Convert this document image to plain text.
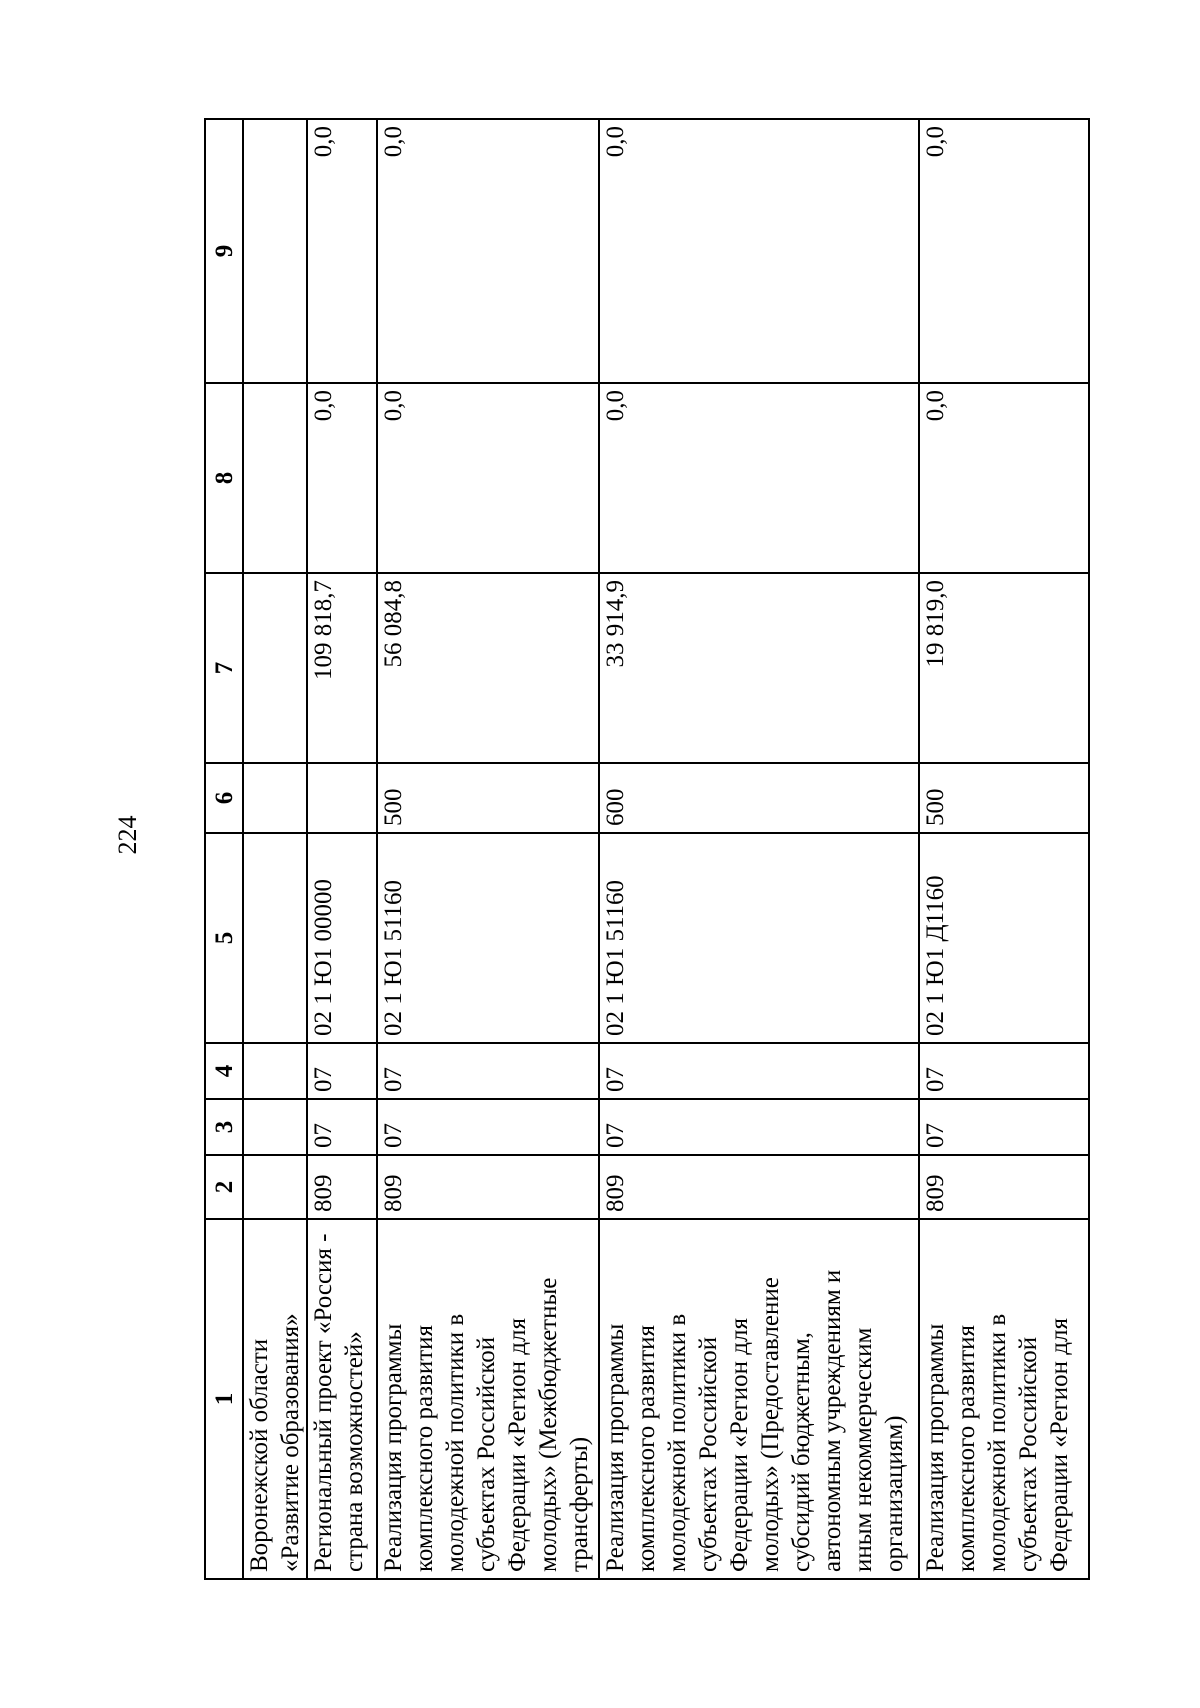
224
1	2	3	4	5	6	7	8	9
Воронежской области «Развитие образования»								
Региональный проект «Россия - страна возможностей»	809	07	07	02 1 Ю1 00000		109 818,7	0,0	0,0
Реализация программы комплексного развития молодежной политики в субъектах Российской Федерации «Регион для молодых» (Межбюджетные трансферты)	809	07	07	02 1 Ю1 51160	500	56 084,8	0,0	0,0
Реализация программы комплексного развития молодежной политики в субъектах Российской Федерации «Регион для молодых» (Предоставление субсидий бюджетным, автономным учреждениям и иным некоммерческим организациям)	809	07	07	02 1 Ю1 51160	600	33 914,9	0,0	0,0
Реализация программы комплексного развития молодежной политики в субъектах Российской Федерации «Регион для	809	07	07	02 1 Ю1 Д1160	500	19 819,0	0,0	0,0
